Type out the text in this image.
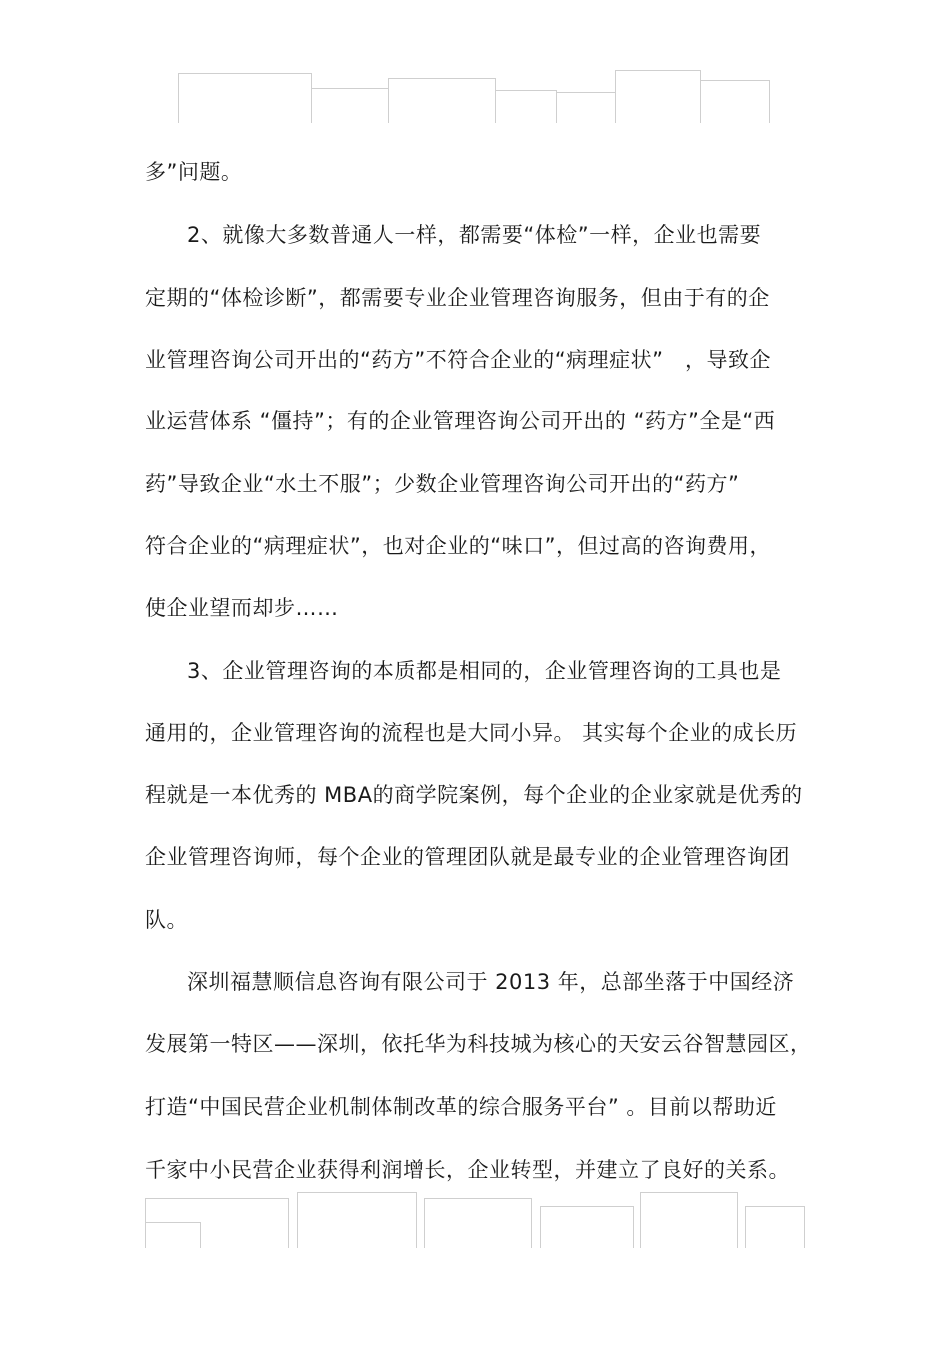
多”问题。
2、就像大多数普通人一样，都需要“体检”一样，企业也需要
定期的“体检诊断”，都需要专业企业管理咨询服务，但由于有的企
业管理咨询公司开出的“药方”不符合企业的“病理症状”　，导致企
业运营体系 “僵持”；有的企业管理咨询公司开出的 “药方”全是“西
药”导致企业“水土不服”；少数企业管理咨询公司开出的“药方”
符合企业的“病理症状”，也对企业的“味口”，但过高的咨询费用，
使企业望而却步……
3、企业管理咨询的本质都是相同的，企业管理咨询的工具也是
通用的，企业管理咨询的流程也是大同小异。 其实每个企业的成长历
程就是一本优秀的 MBA的商学院案例，每个企业的企业家就是优秀的
企业管理咨询师，每个企业的管理团队就是最专业的企业管理咨询团
队。
深圳福慧顺信息咨询有限公司于 2013 年，总部坐落于中国经济
发展第一特区——深圳，依托华为科技城为核心的天安云谷智慧园区，
打造“中国民营企业机制体制改革的综合服务平台” 。目前以帮助近
千家中小民营企业获得利润增长，企业转型，并建立了良好的关系。
